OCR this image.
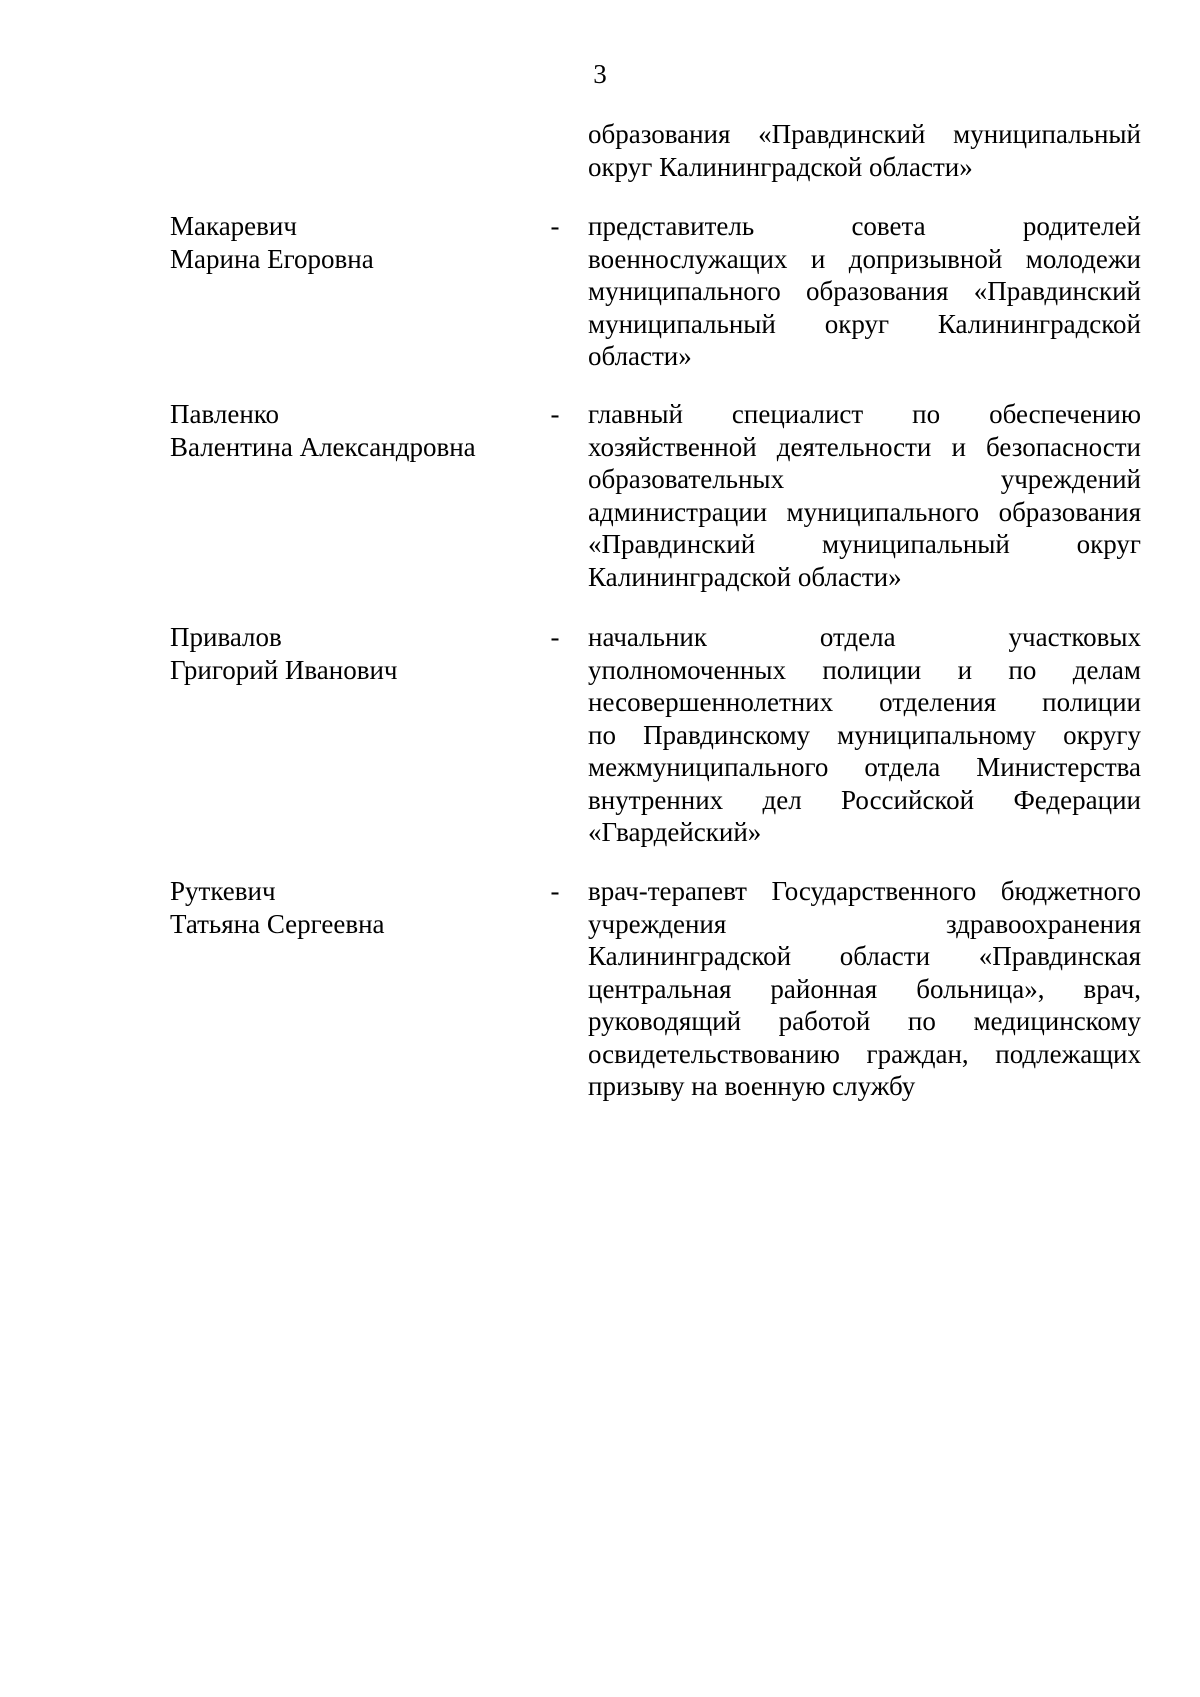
3
образования «Правдинский муниципальный
округ Калининградской области»
Макаревич
Марина Егоровна
- представитель совета родителей
военнослужащих и допризывной молодежи
муниципального образования «Правдинский
муниципальный округ Калининградской
области»
Павленко
Валентина Александровна
- главный специалист по обеспечению
хозяйственной деятельности и безопасности
образовательных учреждений
администрации муниципального образования
«Правдинский муниципальный округ
Калининградской области»
Привалов
Григорий Иванович
- начальник отдела участковых
уполномоченных полиции и по делам
несовершеннолетних отделения полиции
по Правдинскому муниципальному округу
межмуниципального отдела Министерства
внутренних дел Российской Федерации
«Гвардейский»
Руткевич
Татьяна Сергеевна
- врач-терапевт Государственного бюджетного
учреждения здравоохранения
Калининградской области «Правдинская
центральная районная больница», врач,
руководящий работой по медицинскому
освидетельствованию граждан, подлежащих
призыву на военную службу
